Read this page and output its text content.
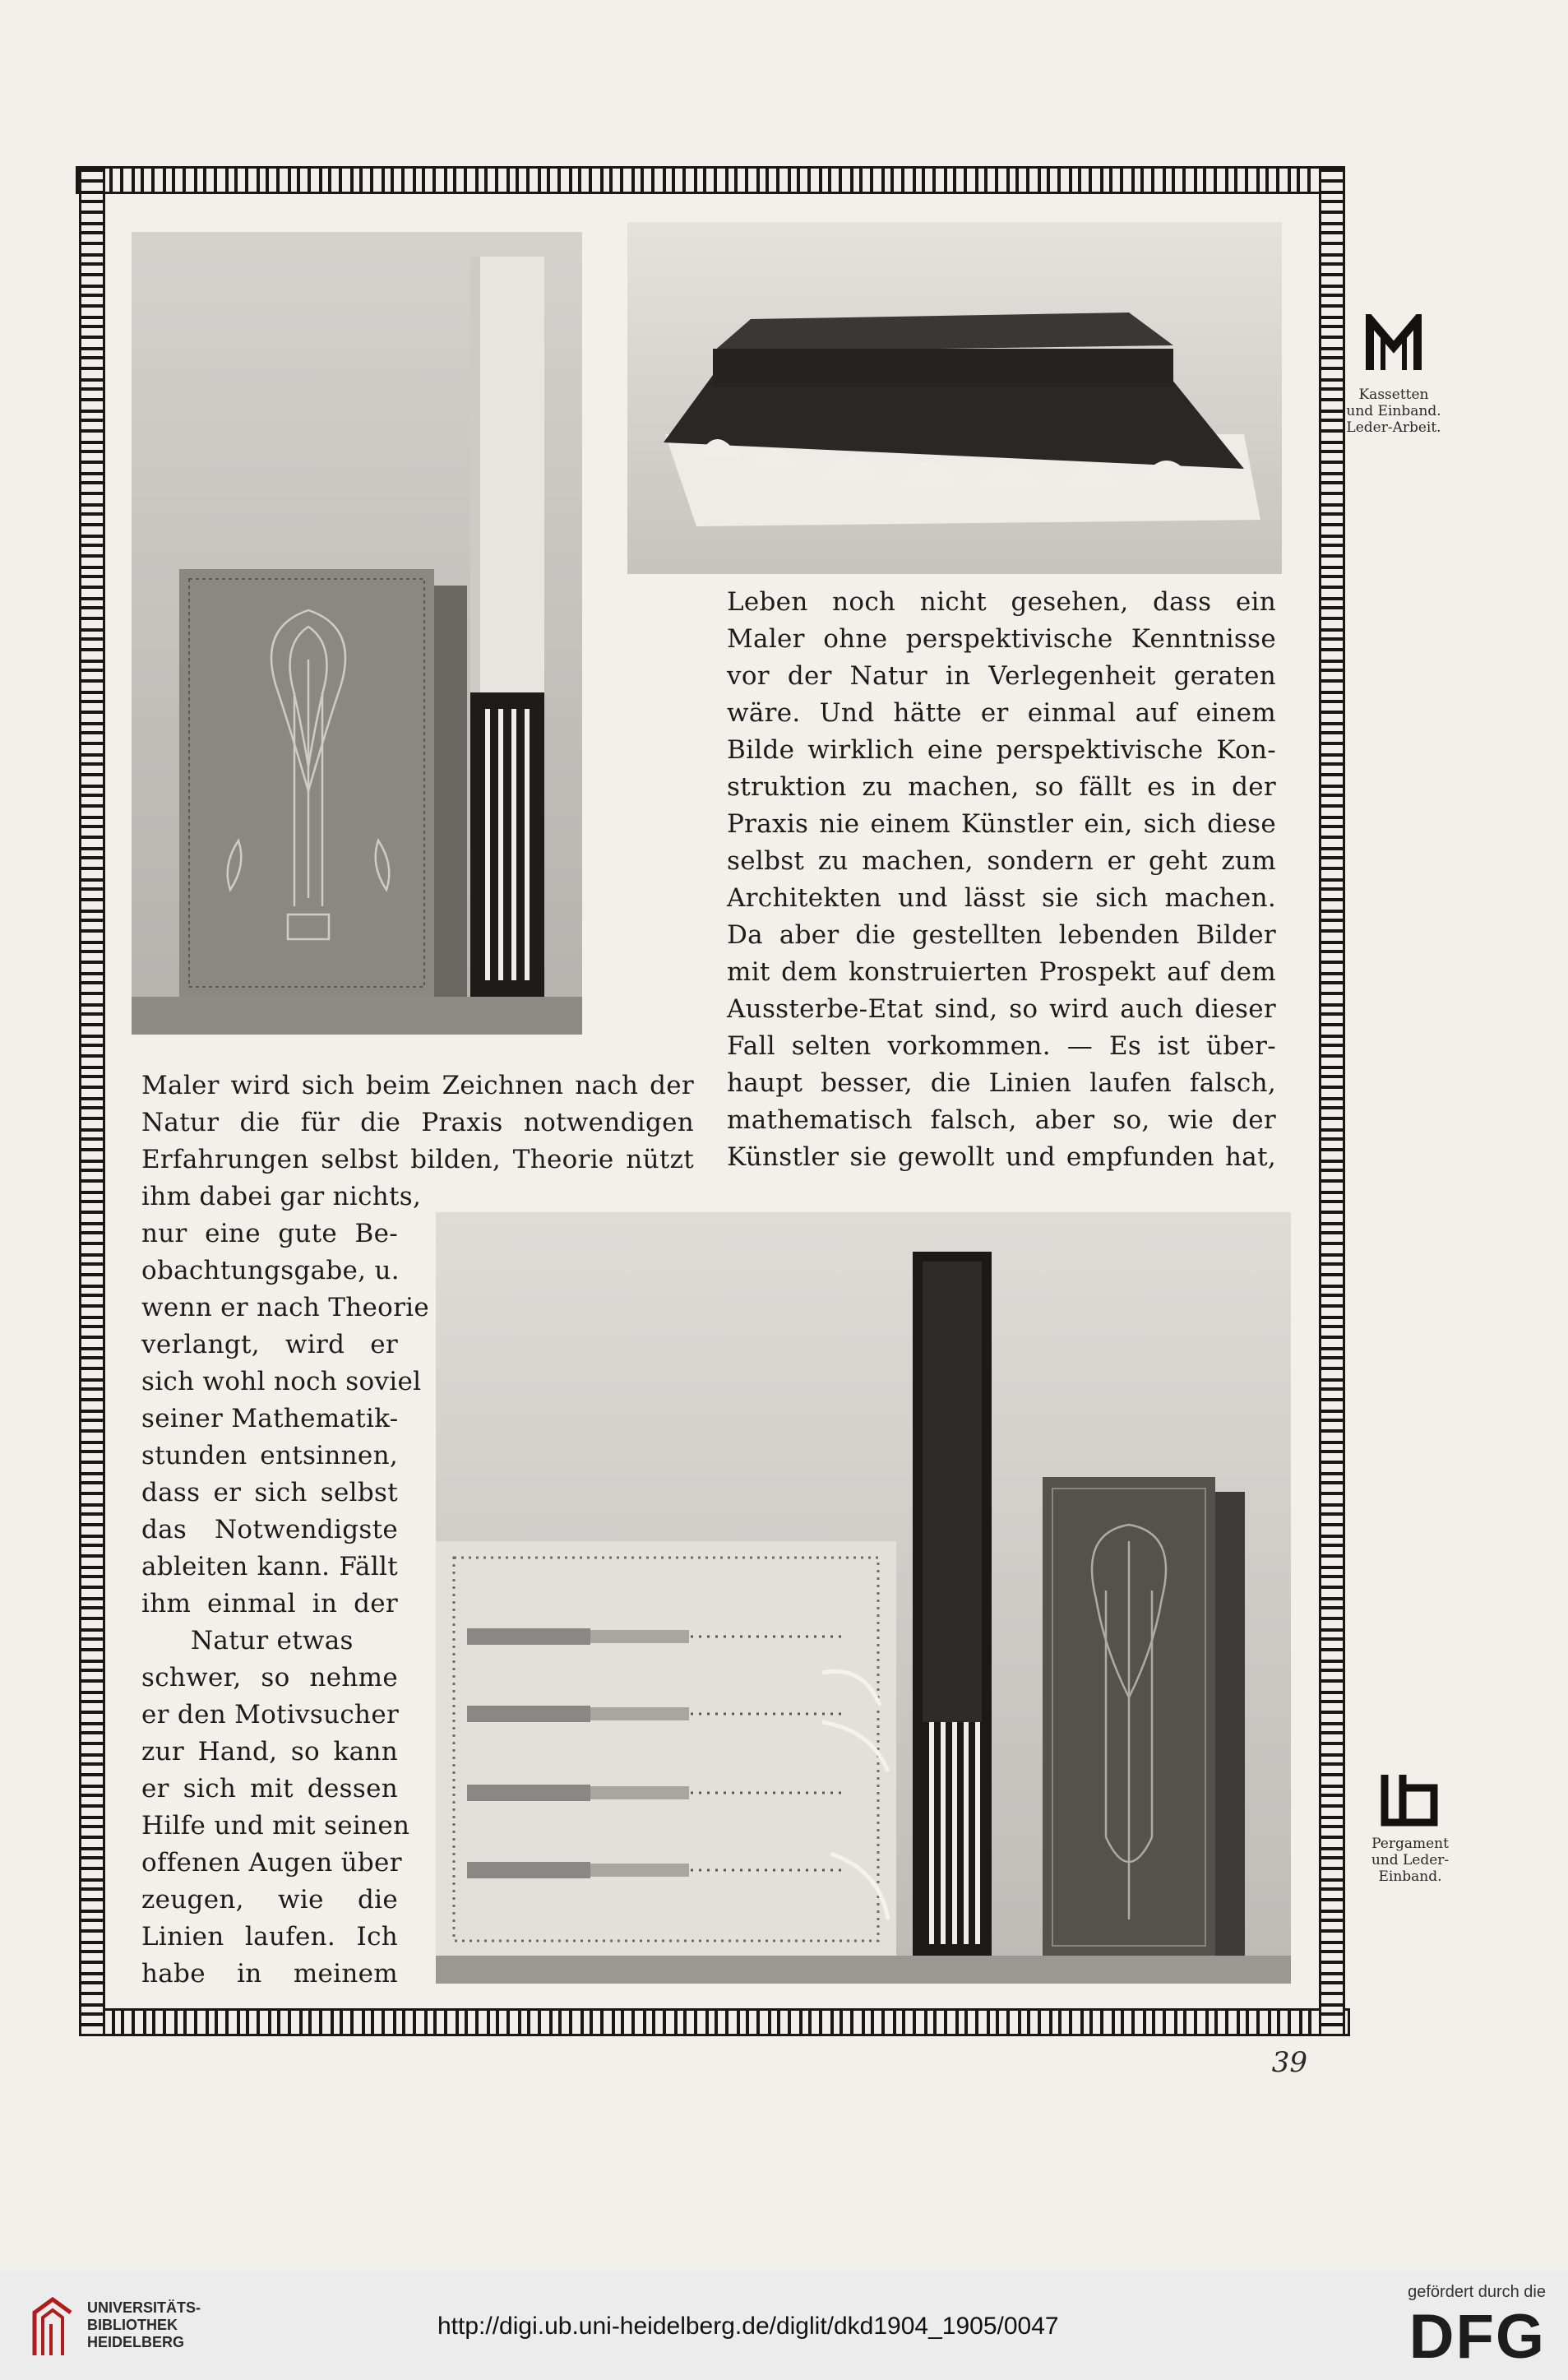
Leben noch nicht gesehen, dass ein
Maler ohne perspektivische Kenntnisse
vor der Natur in Verlegenheit geraten
wäre. Und hätte er einmal auf einem
Bilde wirklich eine perspektivische Kon-
struktion zu machen, so fällt es in der
Praxis nie einem Künstler ein, sich diese
selbst zu machen, sondern er geht zum
Architekten und lässt sie sich machen.
Da aber die gestellten lebenden Bilder
mit dem konstruierten Prospekt auf dem
Aussterbe-Etat sind, so wird auch dieser
Fall selten vorkommen. — Es ist über-
haupt besser, die Linien laufen falsch,
mathematisch falsch, aber so, wie der
Künstler sie gewollt und empfunden hat,
Maler wird sich beim Zeichnen nach der
Natur die für die Praxis notwendigen
Erfahrungen selbst bilden, Theorie nützt
ihm dabei gar nichts,
nur eine gute Be-
obachtungsgabe, u.
wenn er nach Theorie
verlangt, wird er
sich wohl noch soviel
seiner Mathematik-
stunden entsinnen,
dass er sich selbst
das Notwendigste
ableiten kann. Fällt
ihm einmal in der
Natur etwas
schwer, so nehme
er den Motivsucher
zur Hand, so kann
er sich mit dessen
Hilfe und mit seinen
offenen Augen über
zeugen, wie die
Linien laufen. Ich
habe in meinem
Kassetten
und Einband.
Leder-Arbeit.
Pergament
und Leder-
Einband.
39
UNIVERSITÄTS-
BIBLIOTHEK
HEIDELBERG
http://digi.ub.uni-heidelberg.de/diglit/dkd1904_1905/0047
gefördert durch die
DFG
